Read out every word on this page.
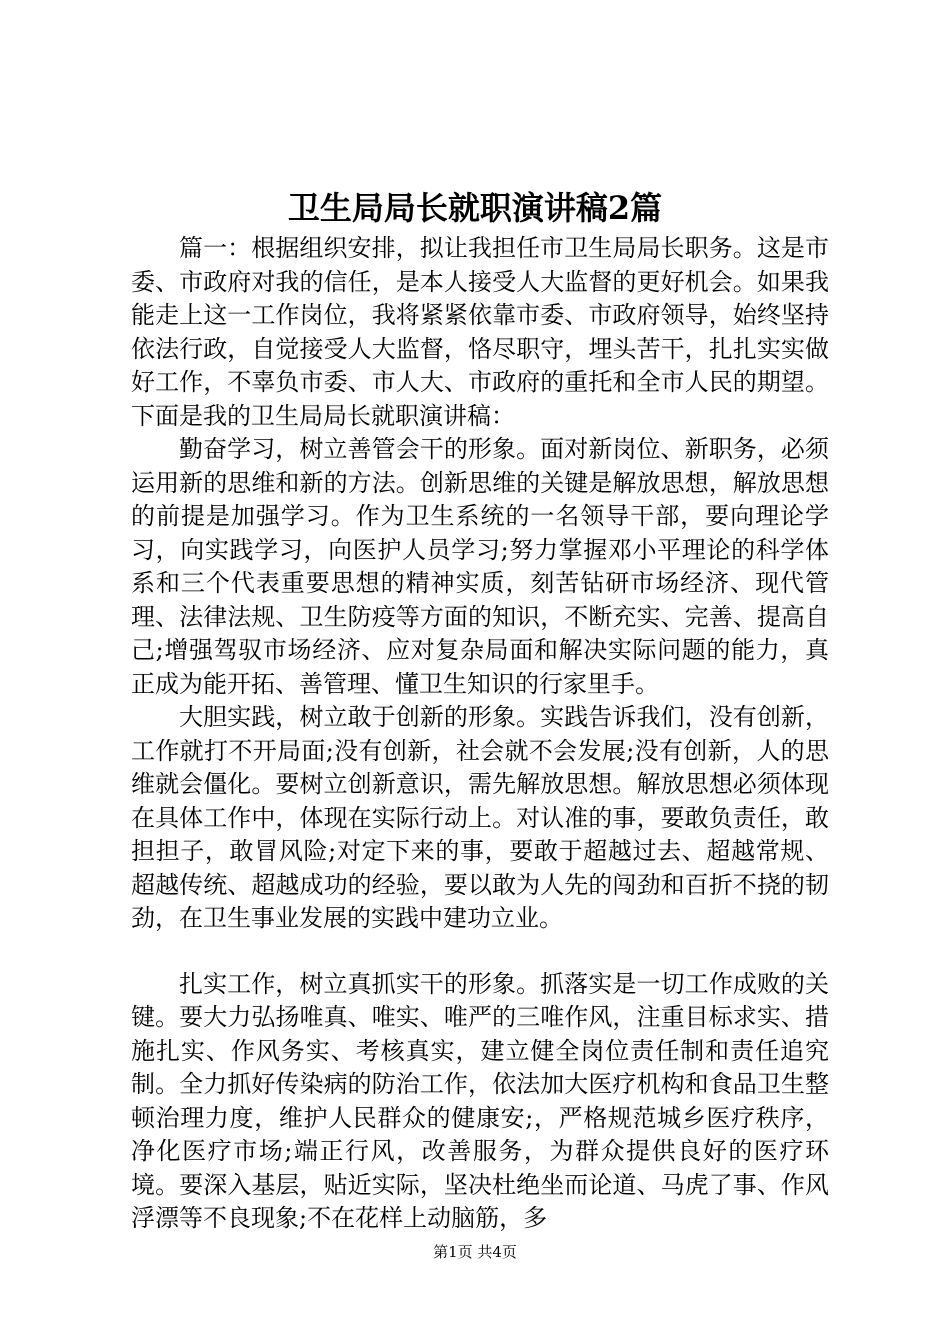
卫生局局长就职演讲稿2篇

篇一：根据组织安排，拟让我担任市卫生局局长职务。这是市委、市政府对我的信任，是本人接受人大监督的更好机会。如果我能走上这一工作岗位，我将紧紧依靠市委、市政府领导，始终坚持依法行政，自觉接受人大监督，恪尽职守，埋头苦干，扎扎实实做好工作，不辜负市委、市人大、市政府的重托和全市人民的期望。下面是我的卫生局局长就职演讲稿：

勤奋学习，树立善管会干的形象。面对新岗位、新职务，必须运用新的思维和新的方法。创新思维的关键是解放思想，解放思想的前提是加强学习。作为卫生系统的一名领导干部，要向理论学习，向实践学习，向医护人员学习;努力掌握邓小平理论的科学体系和三个代表重要思想的精神实质，刻苦钻研市场经济、现代管理、法律法规、卫生防疫等方面的知识，不断充实、完善、提高自己;增强驾驭市场经济、应对复杂局面和解决实际问题的能力，真正成为能开拓、善管理、懂卫生知识的行家里手。

大胆实践，树立敢于创新的形象。实践告诉我们，没有创新，工作就打不开局面;没有创新，社会就不会发展;没有创新，人的思维就会僵化。要树立创新意识，需先解放思想。解放思想必须体现在具体工作中，体现在实际行动上。对认准的事，要敢负责任，敢担担子，敢冒风险;对定下来的事，要敢于超越过去、超越常规、超越传统、超越成功的经验，要以敢为人先的闯劲和百折不挠的韧劲，在卫生事业发展的实践中建功立业。

扎实工作，树立真抓实干的形象。抓落实是一切工作成败的关键。要大力弘扬唯真、唯实、唯严的三唯作风，注重目标求实、措施扎实、作风务实、考核真实，建立健全岗位责任制和责任追究制。全力抓好传染病的防治工作，依法加大医疗机构和食品卫生整顿治理力度，维护人民群众的健康安;，严格规范城乡医疗秩序，净化医疗市场;端正行风，改善服务，为群众提供良好的医疗环境。要深入基层，贴近实际，坚决杜绝坐而论道、马虎了事、作风浮漂等不良现象;不在花样上动脑筋，多

第1页 共4页
